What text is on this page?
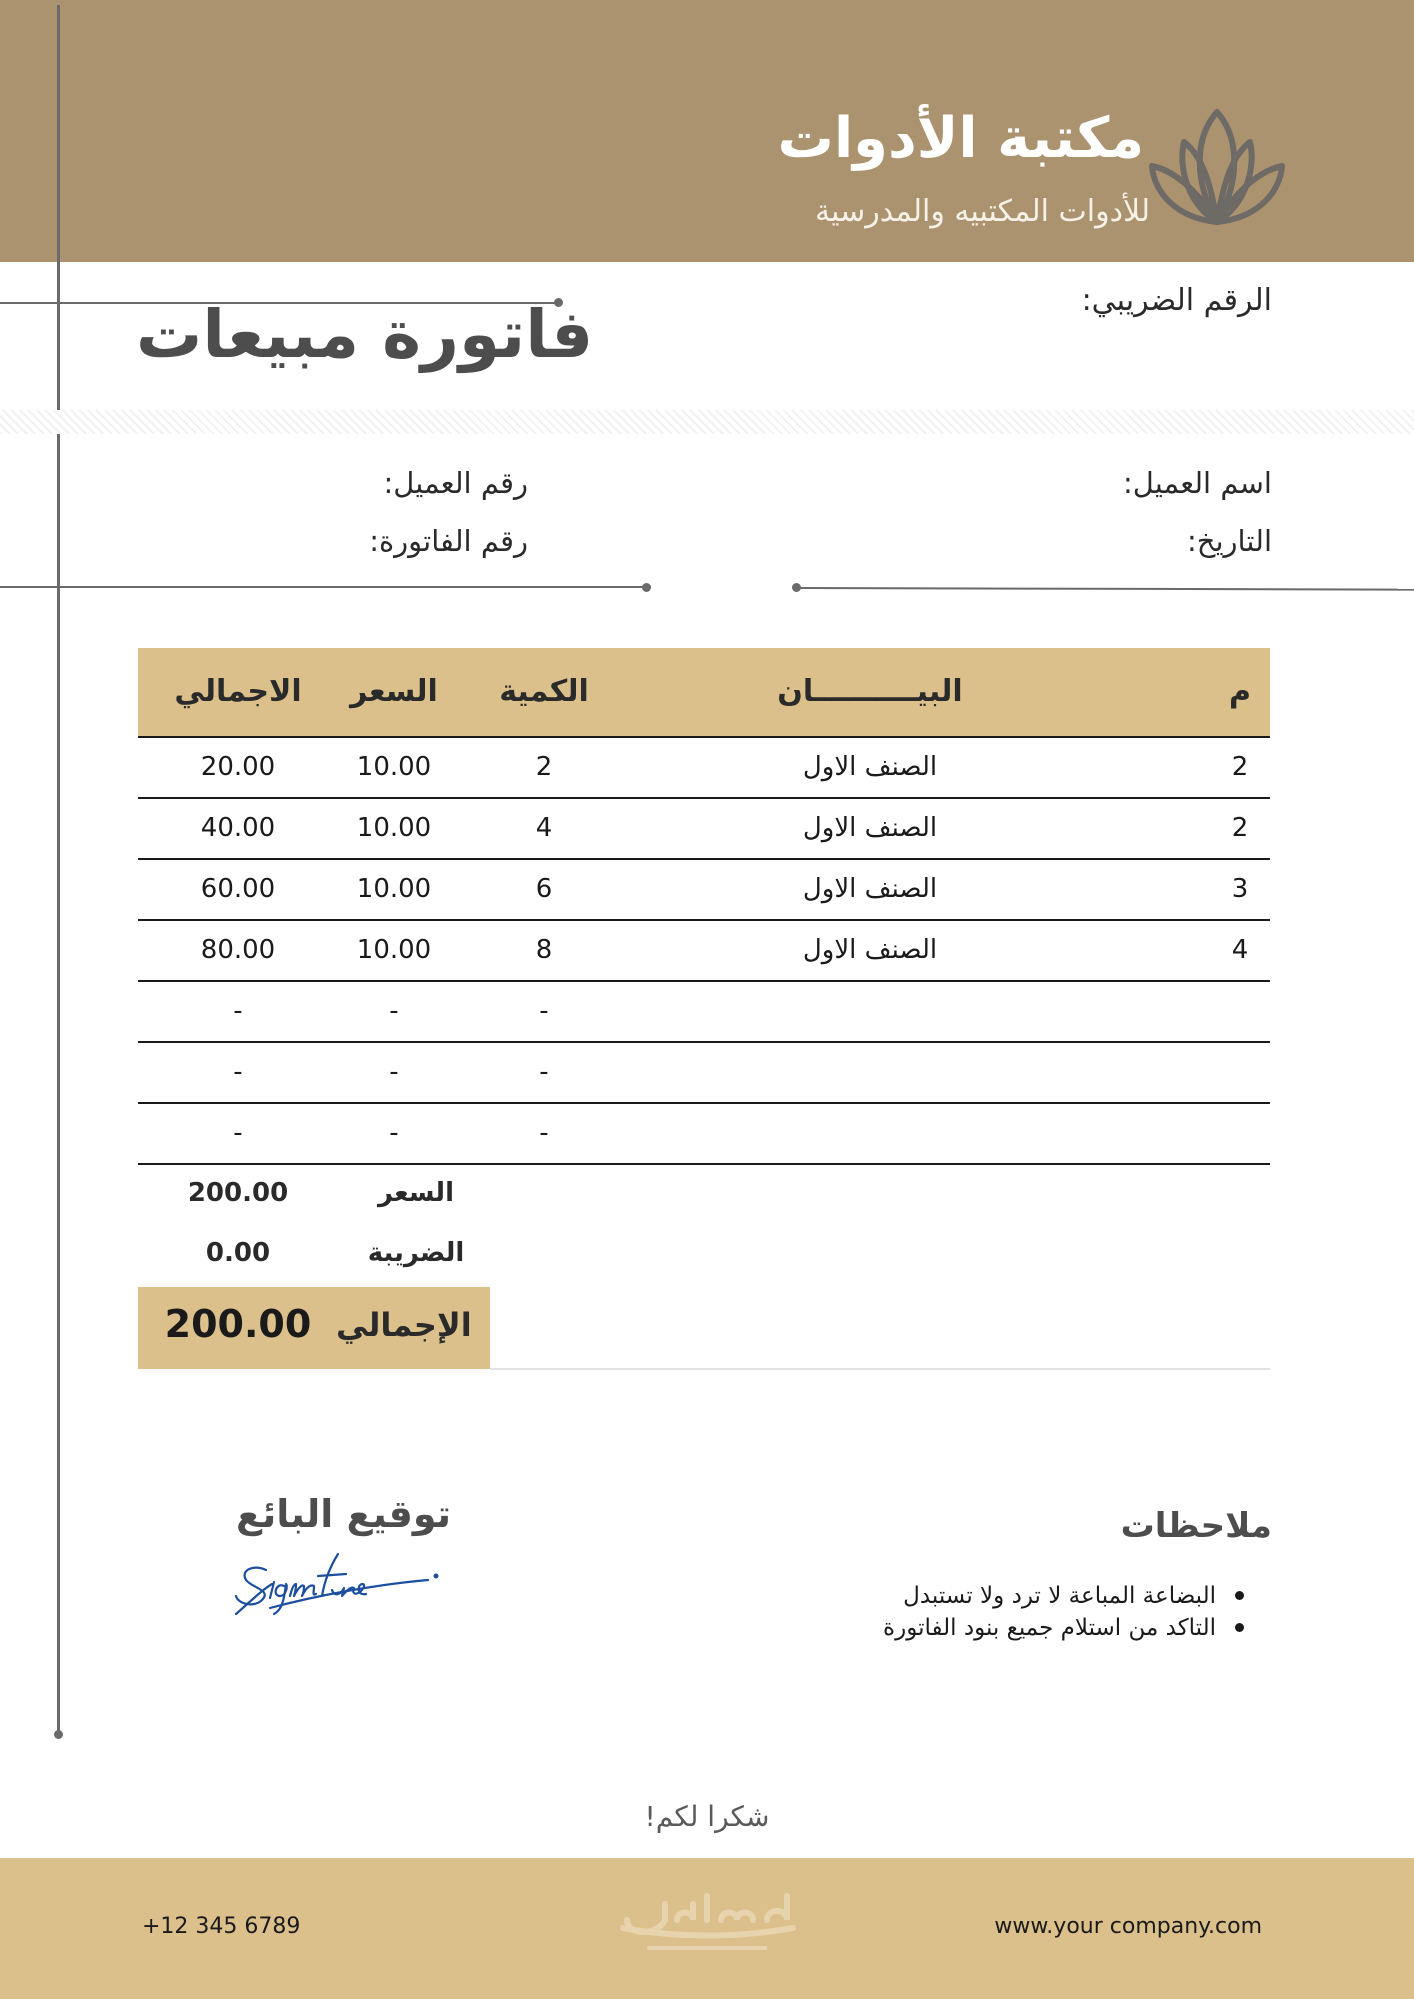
مكتبة الأدوات
للأدوات المكتبيه والمدرسية
الرقم الضريبي:
فاتورة مبيعات
اسم العميل:
التاريخ:
رقم العميل:
رقم الفاتورة:
م
البيــــــــــان
الكمية
السعر
الاجمالي
2
الصنف الاول
2
10.00
20.00
2
الصنف الاول
4
10.00
40.00
3
الصنف الاول
6
10.00
60.00
4
الصنف الاول
8
10.00
80.00
-
-
-
-
-
-
-
-
-
السعر
200.00
الضريبة
0.00
الإجمالي
200.00
توقيع البائع	ملاحظات
البضاعة المباعة لا ترد ولا تستبدل
التاكد من استلام جميع بنود الفاتورة
شكرا لكم!
+12 345 6789	www.your company.com
